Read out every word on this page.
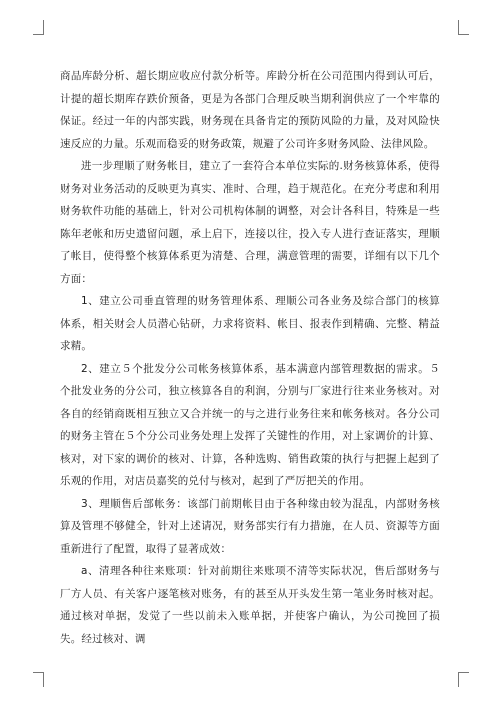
商品库龄分析、超长期应收应付款分析等。库龄分析在公司范围内得到认可后，计提的超长期库存跌价预备，更是为各部门合理反映当期利润供应了一个牢靠的保证。经过一年的内部实践，财务现在具备肯定的预防风险的力量，及对风险快速反应的力量。乐观而稳妥的财务政策，规避了公司许多财务风险、法律风险。

进一步理顺了财务帐目，建立了一套符合本单位实际的.财务核算体系，使得财务对业务活动的反映更为真实、准时、合理，趋于规范化。在充分考虑和利用财务软件功能的基础上，针对公司机构体制的调整，对会计各科目，特殊是一些陈年老帐和历史遗留问题，承上启下，连接以往，投入专人进行查证落实，理顺了帐目，使得整个核算体系更为清楚、合理，满意管理的需要，详细有以下几个方面：

1、建立公司垂直管理的财务管理体系、理顺公司各业务及综合部门的核算体系，相关财会人员潜心钻研，力求将资料、帐目、报表作到精确、完整、精益求精。

2、建立５个批发分公司帐务核算体系，基本满意内部管理数据的需求。５个批发业务的分公司，独立核算各自的利润，分别与厂家进行往来业务核对。对各自的经销商既相互独立又合并统一的与之进行业务往来和帐务核对。各分公司的财务主管在５个分公司业务处理上发挥了关键性的作用，对上家调价的计算、核对，对下家的调价的核对、计算，各种选购、销售政策的执行与把握上起到了乐观的作用，对店员嘉奖的兑付与核对，起到了严厉把关的作用。

3、理顺售后部帐务：该部门前期帐目由于各种缘由较为混乱，内部财务核算及管理不够健全，针对上述请况，财务部实行有力措施，在人员、资源等方面重新进行了配置，取得了显著成效：

a、清理各种往来账项：针对前期往来账项不清等实际状况，售后部财务与厂方人员、有关客户逐笔核对账务，有的甚至从开头发生第一笔业务时核对起。通过核对单据，发觉了一些以前未入账单据，并使客户确认，为公司挽回了损失。经过核对、调
